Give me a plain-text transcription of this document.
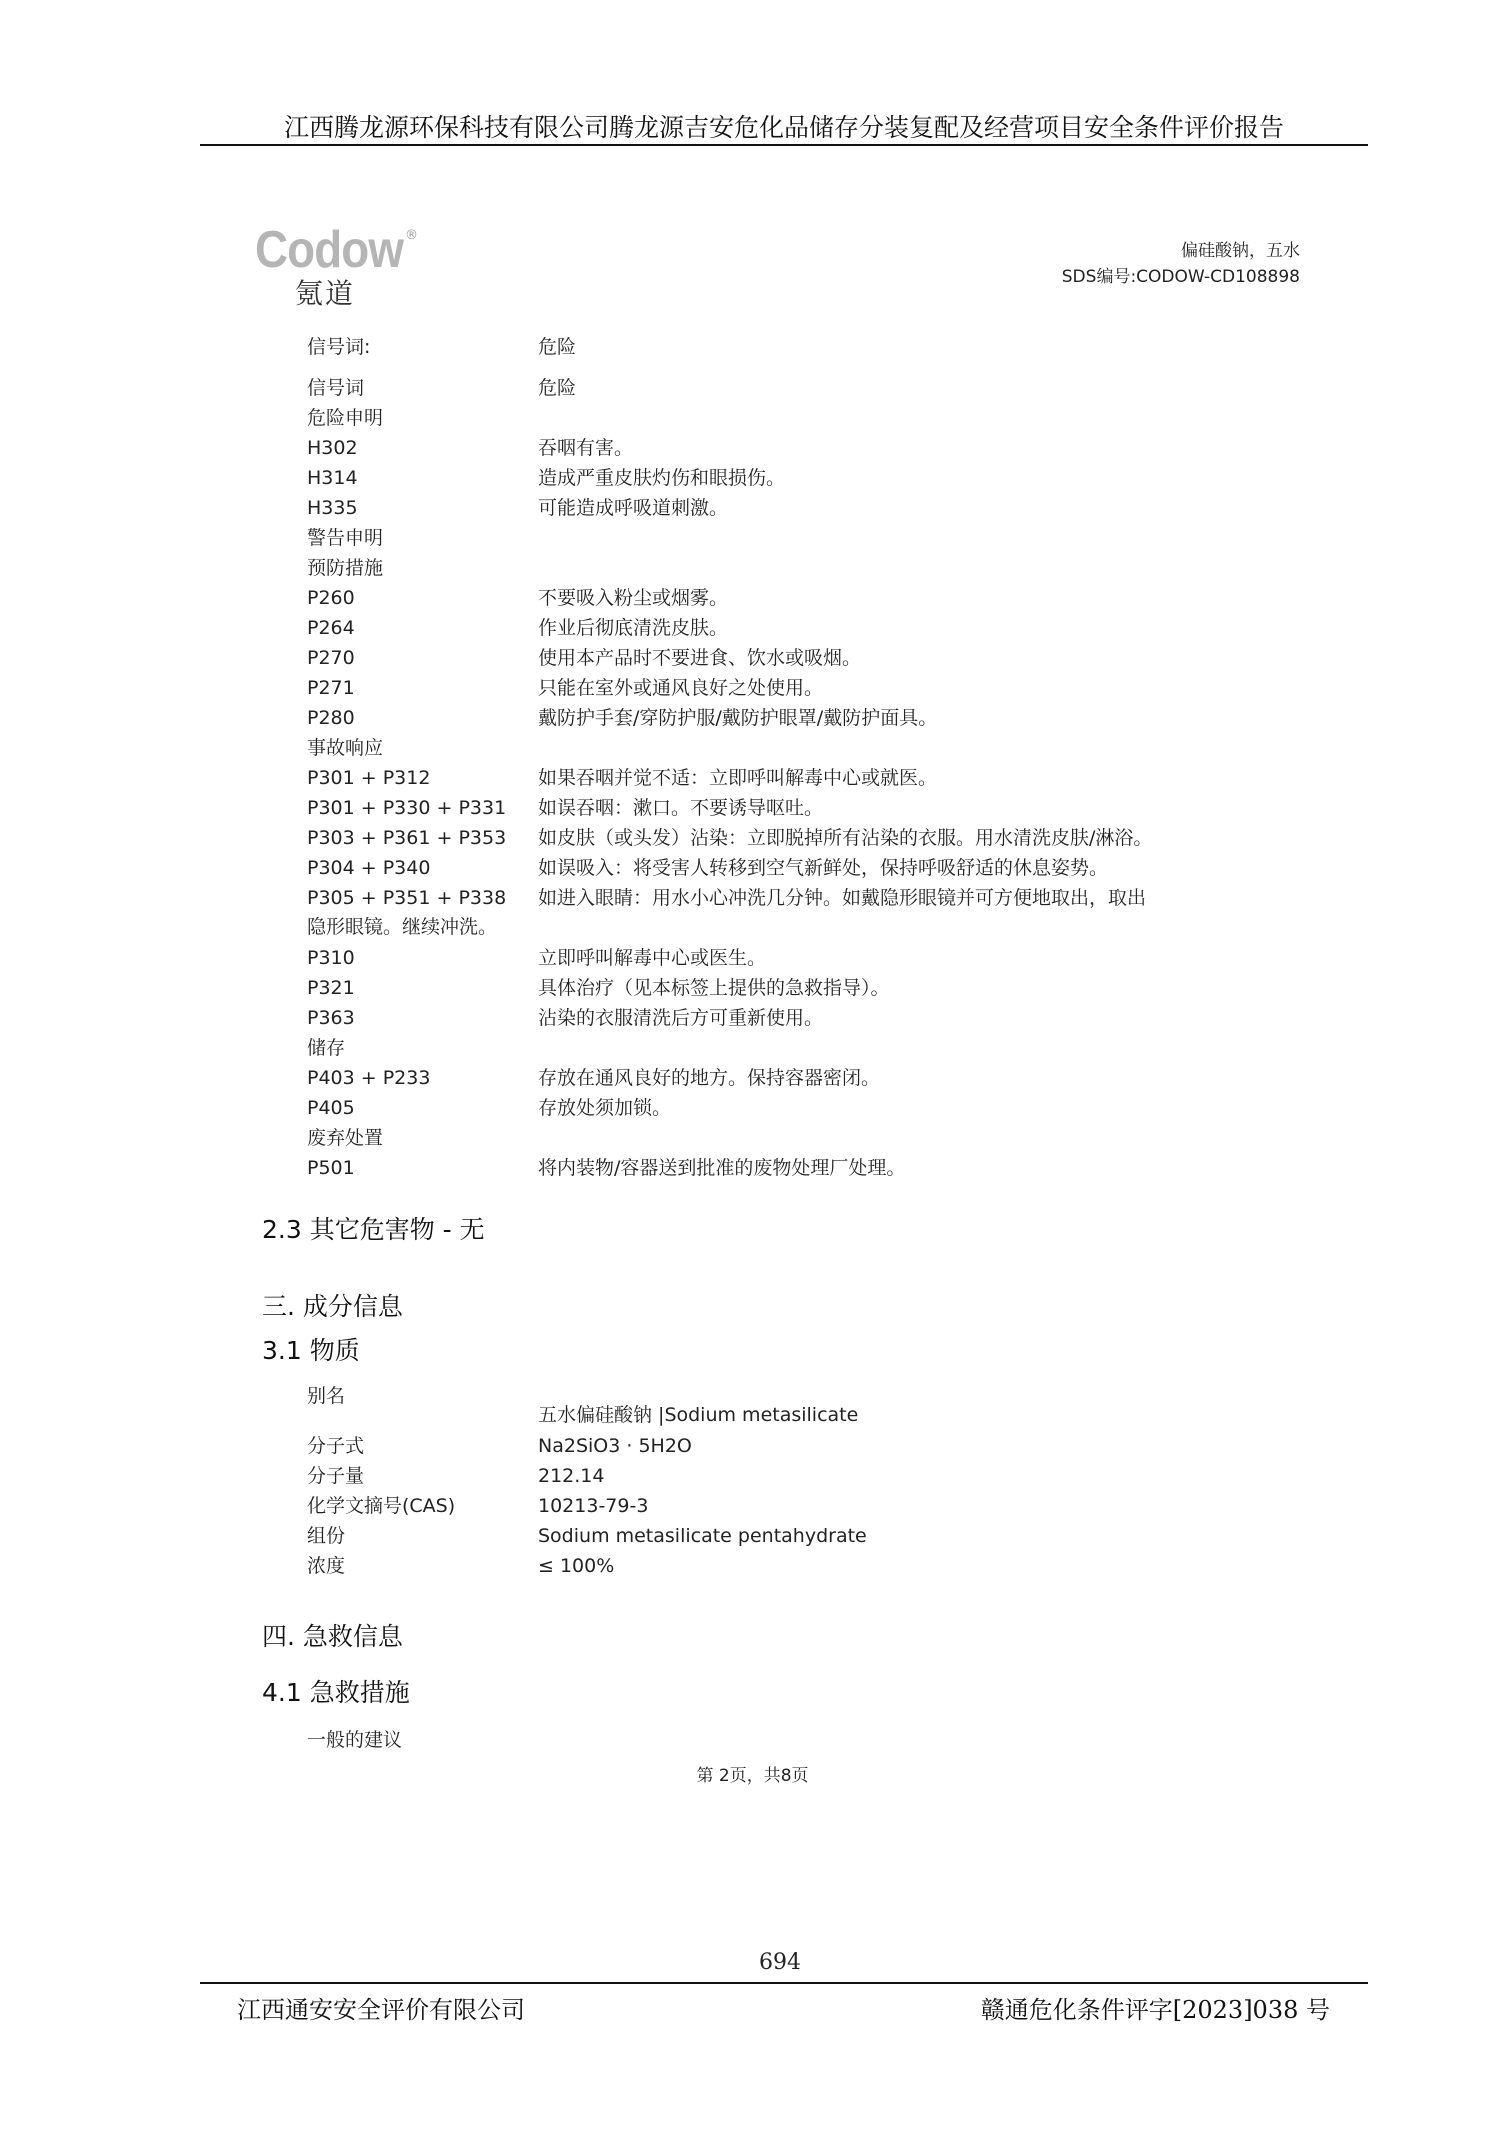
江西腾龙源环保科技有限公司腾龙源吉安危化品储存分装复配及经营项目安全条件评价报告
Codow ®
氪道
偏硅酸钠，五水
SDS编号:CODOW-CD108898
信号词:	危险
信号词	危险
危险申明
H302	吞咽有害。
H314	造成严重皮肤灼伤和眼损伤。
H335	可能造成呼吸道刺激。
警告申明
预防措施
P260	不要吸入粉尘或烟雾。
P264	作业后彻底清洗皮肤。
P270	使用本产品时不要进食、饮水或吸烟。
P271	只能在室外或通风良好之处使用。
P280	戴防护手套/穿防护服/戴防护眼罩/戴防护面具。
事故响应
P301 + P312	如果吞咽并觉不适：立即呼叫解毒中心或就医。
P301 + P330 + P331 如误吞咽：漱口。不要诱导呕吐。
P303 + P361 + P353 如皮肤（或头发）沾染：立即脱掉所有沾染的衣服。用水清洗皮肤/淋浴。
P304 + P340	如误吸入：将受害人转移到空气新鲜处，保持呼吸舒适的休息姿势。
P305 + P351 + P338 如进入眼睛：用水小心冲洗几分钟。如戴隐形眼镜并可方便地取出，取出
隐形眼镜。继续冲洗。
P310	立即呼叫解毒中心或医生。
P321	具体治疗（见本标签上提供的急救指导）。
P363	沾染的衣服清洗后方可重新使用。
储存
P403 + P233	存放在通风良好的地方。保持容器密闭。
P405	存放处须加锁。
废弃处置
P501	将内装物/容器送到批准的废物处理厂处理。
2.3 其它危害物 - 无
三. 成分信息
3.1 物质
别名
五水偏硅酸钠 |Sodium metasilicate
分子式	Na2SiO3 · 5H2O
分子量	212.14
化学文摘号(CAS)	10213-79-3
组份	Sodium metasilicate pentahydrate
浓度	≤ 100%
四. 急救信息
4.1 急救措施
一般的建议
第 2页，共8页
694
江西通安安全评价有限公司	赣通危化条件评字[2023]038 号
